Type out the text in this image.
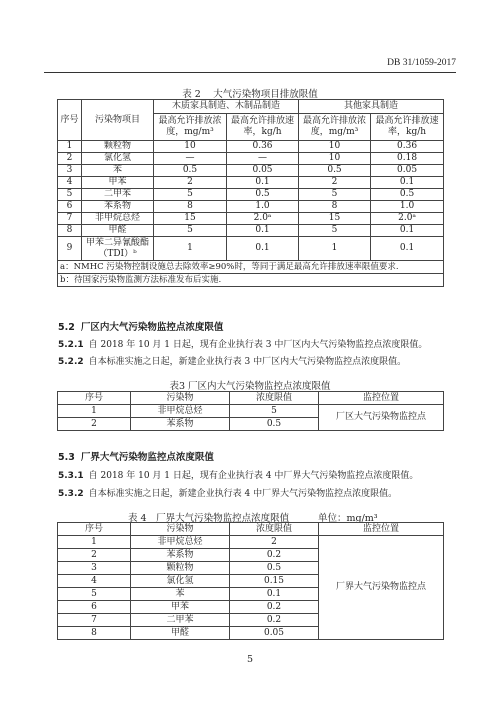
DB 31/1059-2017
表 2　 大气污染物项目排放限值
序号	污染物项目	木质家具制造、木制品制造		其他家具制造	
		最高允许排放浓度，mg/m³	最高允许排放速率，kg/h	最高允许排放浓度，mg/m³	最高允许排放速率，kg/h
1	颗粒物	10	0.36	10	0.36
2	氯化氢	—	—	10	0.18
3	苯	0.5	0.05	0.5	0.05
4	甲苯	2	0.1	2	0.1
5	二甲苯	5	0.5	5	0.5
6	苯系物	8	1.0	8	1.0
7	非甲烷总烃	15	2.0ᵃ	15	2.0ᵃ
8	甲醛	5	0.1	5	0.1
9	甲苯二异氰酸酯（TDI）ᵇ	1	0.1	1	0.1
a：NMHC 污染物控制设施总去除效率≥90%时，等同于满足最高允许排放速率限值要求.					
b：待国家污染物监测方法标准发布后实施.					
5.2 厂区内大气污染物监控点浓度限值
5.2.1 自 2018 年 10 月 1 日起，现有企业执行表 3 中厂区内大气污染物监控点浓度限值。
5.2.2 自本标准实施之日起，新建企业执行表 3 中厂区内大气污染物监控点浓度限值。
表3 厂区内大气污染物监控点浓度限值
序号	污染物	浓度限值	监控位置
1	非甲烷总烃	5	厂区大气污染物监控点
2	苯系物	0.5	
5.3 厂界大气污染物监控点浓度限值
5.3.1 自 2018 年 10 月 1 日起，现有企业执行表 4 中厂界大气污染物监控点浓度限值。
5.3.2 自本标准实施之日起，新建企业执行表 4 中厂界大气污染物监控点浓度限值。
表 4　厂界大气污染物监控点浓度限值	单位：mg/m³
序号	污染物	浓度限值	监控位置
1	非甲烷总烃	2	厂界大气污染物监控点
2	苯系物	0.2	
3	颗粒物	0.5	
4	氯化氢	0.15	
5	苯	0.1	
6	甲苯	0.2	
7	二甲苯	0.2	
8	甲醛	0.05	
5
